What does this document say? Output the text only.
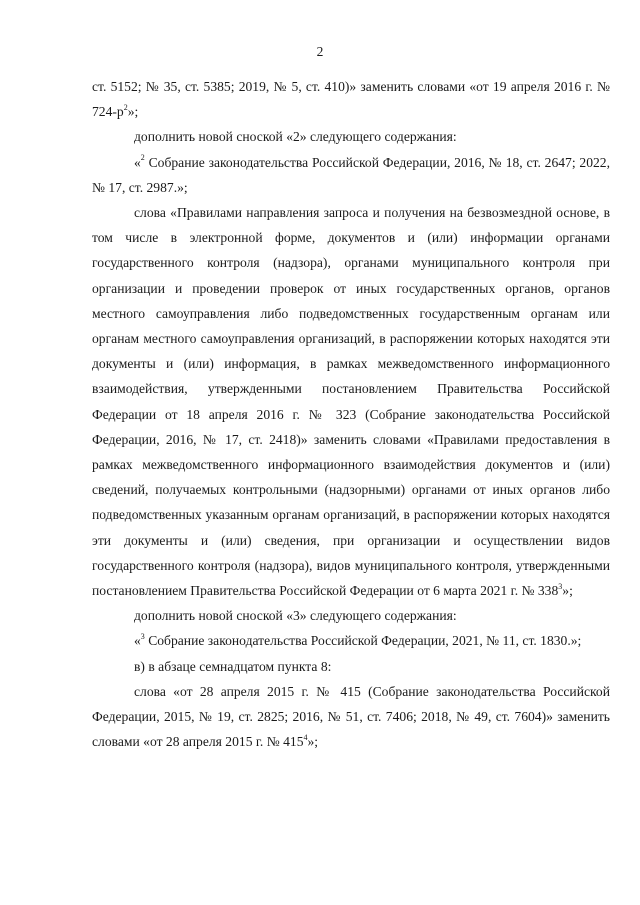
2

ст. 5152; № 35, ст. 5385; 2019, № 5, ст. 410)» заменить словами «от 19 апреля 2016 г. № $724-р^2$»;

дополнить новой сноской «2» следующего содержания:

«$^2$ Собрание законодательства Российской Федерации, 2016, № 18, ст. 2647; 2022, № 17, ст. 2987.»;

слова «Правилами направления запроса и получения на безвозмездной основе, в том числе в электронной форме, документов и (или) информации органами государственного контроля (надзора), органами муниципального контроля при организации и проведении проверок от иных государственных органов, органов местного самоуправления либо подведомственных государственным органам или органам местного самоуправления организаций, в распоряжении которых находятся эти документы и (или) информация, в рамках межведомственного информационного взаимодействия, утвержденными постановлением Правительства Российской Федерации от 18 апреля 2016 г. № 323 (Собрание законодательства Российской Федерации, 2016, № 17, ст. 2418)» заменить словами «Правилами предоставления в рамках межведомственного информационного взаимодействия документов и (или) сведений, получаемых контрольными (надзорными) органами от иных органов либо подведомственных указанным органам организаций, в распоряжении которых находятся эти документы и (или) сведения, при организации и осуществлении видов государственного контроля (надзора), видов муниципального контроля, утвержденными постановлением Правительства Российской Федерации от 6 марта 2021 г. № $338^3$»;

дополнить новой сноской «3» следующего содержания:

«$^3$ Собрание законодательства Российской Федерации, 2021, № 11, ст. 1830.»;

в) в абзаце семнадцатом пункта 8:

слова «от 28 апреля 2015 г. № 415 (Собрание законодательства Российской Федерации, 2015, № 19, ст. 2825; 2016, № 51, ст. 7406; 2018, № 49, ст. 7604)» заменить словами «от 28 апреля 2015 г. № $415^4$»;
